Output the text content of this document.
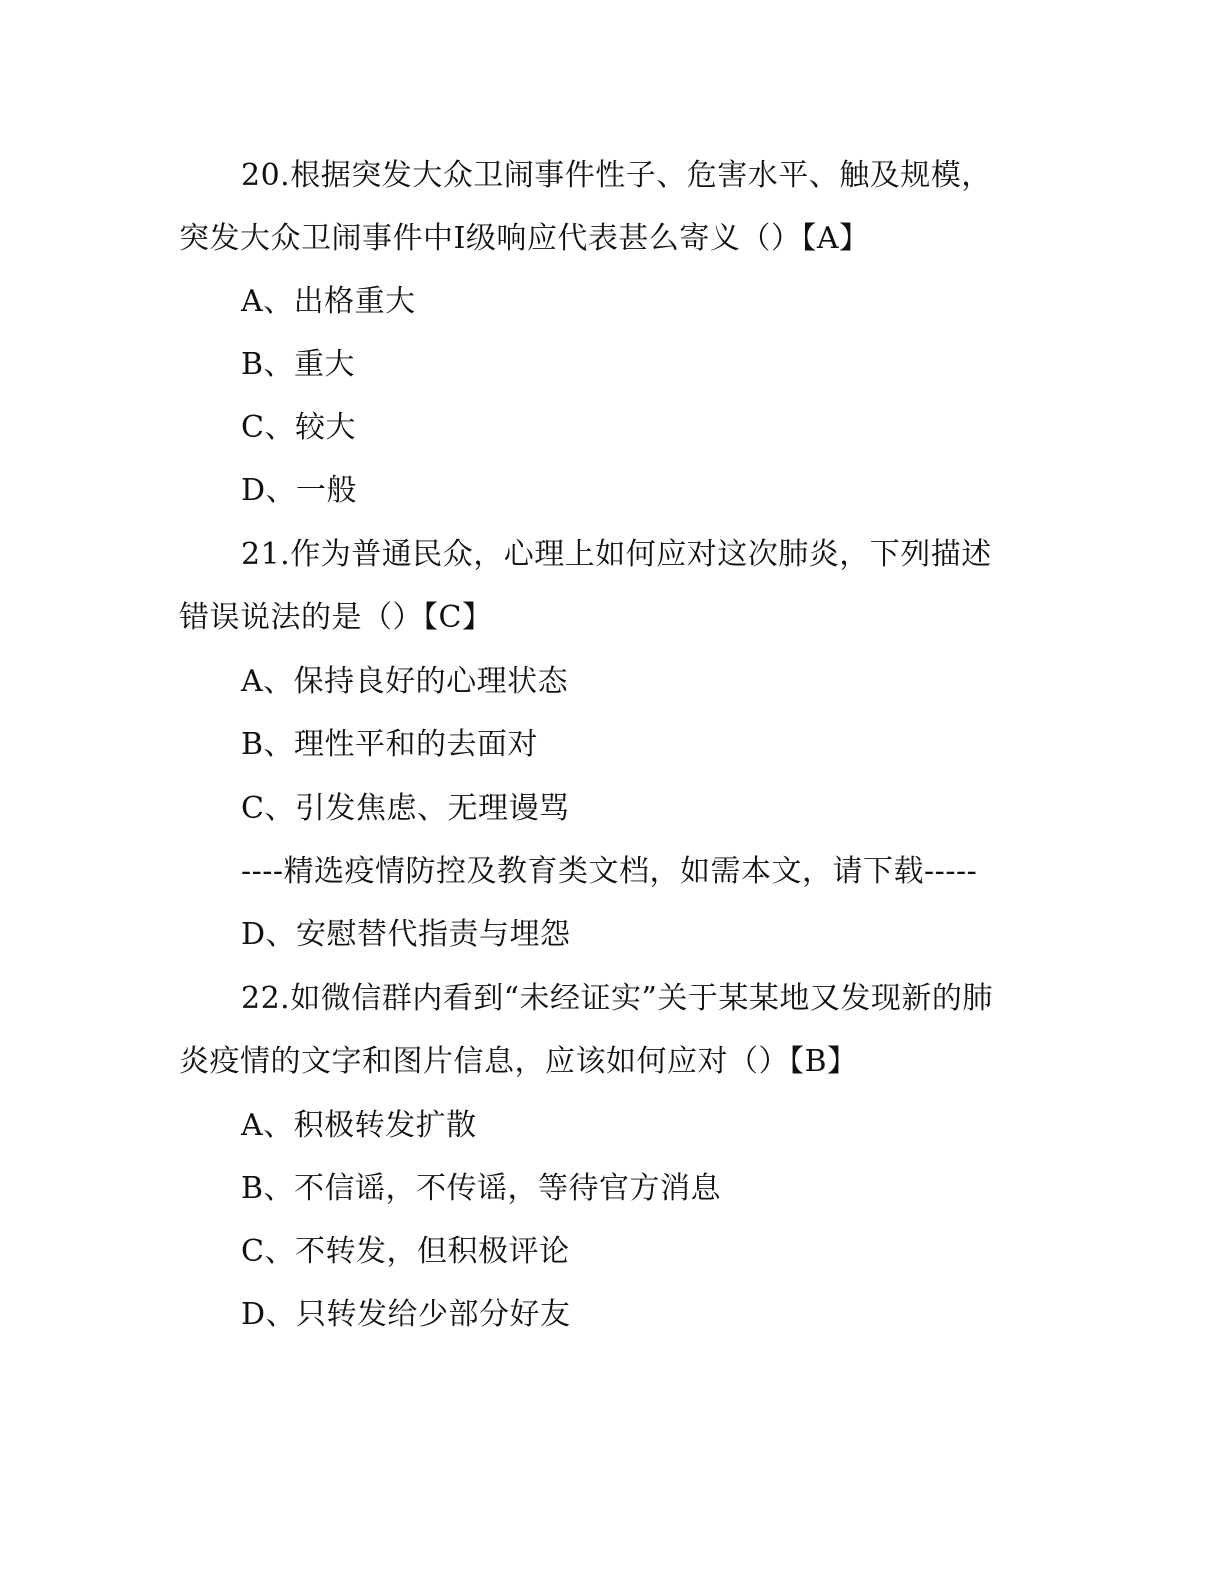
20.根据突发大众卫闹事件性子、危害水平、触及规模，
突发大众卫闹事件中Ⅰ级响应代表甚么寄义（）【A】
A、出格重大
B、重大
C、较大
D、一般
21.作为普通民众，心理上如何应对这次肺炎，下列描述
错误说法的是（）【C】
A、保持良好的心理状态
B、理性平和的去面对
C、引发焦虑、无理谩骂
----精选疫情防控及教育类文档，如需本文，请下载-----
D、安慰替代指责与埋怨
22.如微信群内看到“未经证实”关于某某地又发现新的肺
炎疫情的文字和图片信息，应该如何应对（）【B】
A、积极转发扩散
B、不信谣，不传谣，等待官方消息
C、不转发，但积极评论
D、只转发给少部分好友
